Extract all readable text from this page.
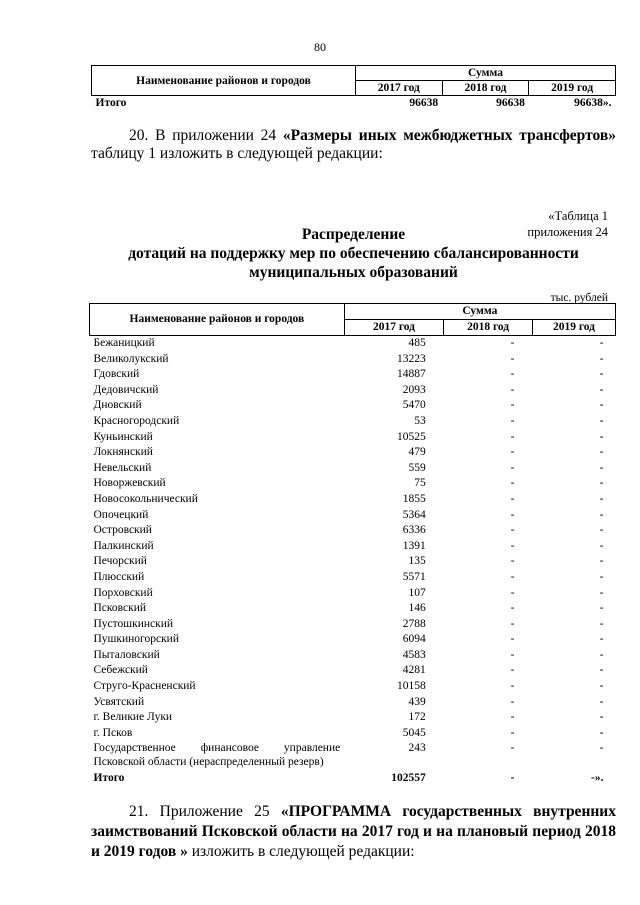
80
Наименование районов и городов	Сумма		
	2017 год	2018 год	2019 год
Итого	96638	96638	96638».
20. В приложении 24 «Размеры иных межбюджетных трансфертов» таблицу 1 изложить в следующей редакции:
«Таблица 1
приложения 24
Распределение
дотаций на поддержку мер по обеспечению сбалансированности
муниципальных образований
тыс. рублей
Наименование районов и городов	Сумма		
	2017 год	2018 год	2019 год
Бежаницкий	485	-	-
Великолукский	13223	-	-
Гдовский	14887	-	-
Дедовичский	2093	-	-
Дновский	5470	-	-
Красногородский	53	-	-
Куньинский	10525	-	-
Локнянский	479	-	-
Невельский	559	-	-
Новоржевский	75	-	-
Новосокольнический	1855	-	-
Опочецкий	5364	-	-
Островский	6336	-	-
Палкинский	1391	-	-
Печорский	135	-	-
Плюсский	5571	-	-
Порховский	107	-	-
Псковский	146	-	-
Пустошкинский	2788	-	-
Пушкиногорский	6094	-	-
Пыталовский	4583	-	-
Себежский	4281	-	-
Струго-Красненский	10158	-	-
Усвятский	439	-	-
г. Великие Луки	172	-	-
г. Псков	5045	-	-
Государственное финансовое управление Псковской области (нераспределенный резерв)	243	-	-
Итого	102557	-	-».
21. Приложение 25 «ПРОГРАММА государственных внутренних заимствований Псковской области на 2017 год и на плановый период 2018 и 2019 годов » изложить в следующей редакции:
